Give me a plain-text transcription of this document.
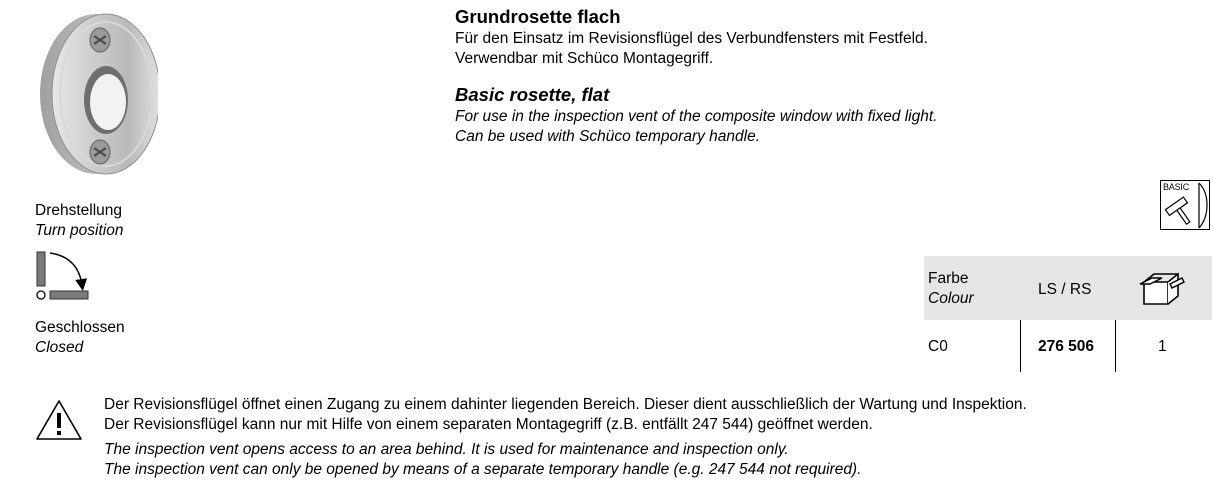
Grundrosette flach
Für den Einsatz im Revisionsflügel des Verbundfensters mit Festfeld.
Verwendbar mit Schüco Montagegriff.
Basic rosette, flat
For use in the inspection vent of the composite window with fixed light.
Can be used with Schüco temporary handle.
Drehstellung
Turn position
Geschlossen
Closed
BASIC
Farbe
Colour
LS / RS
C0	276 506	1
Der Revisionsflügel öffnet einen Zugang zu einem dahinter liegenden Bereich. Dieser dient ausschließlich der Wartung und Inspektion.
Der Revisionsflügel kann nur mit Hilfe von einem separaten Montagegriff (z.B. entfällt 247 544) geöffnet werden.
The inspection vent opens access to an area behind. It is used for maintenance and inspection only.
The inspection vent can only be opened by means of a separate temporary handle (e.g. 247 544 not required).
